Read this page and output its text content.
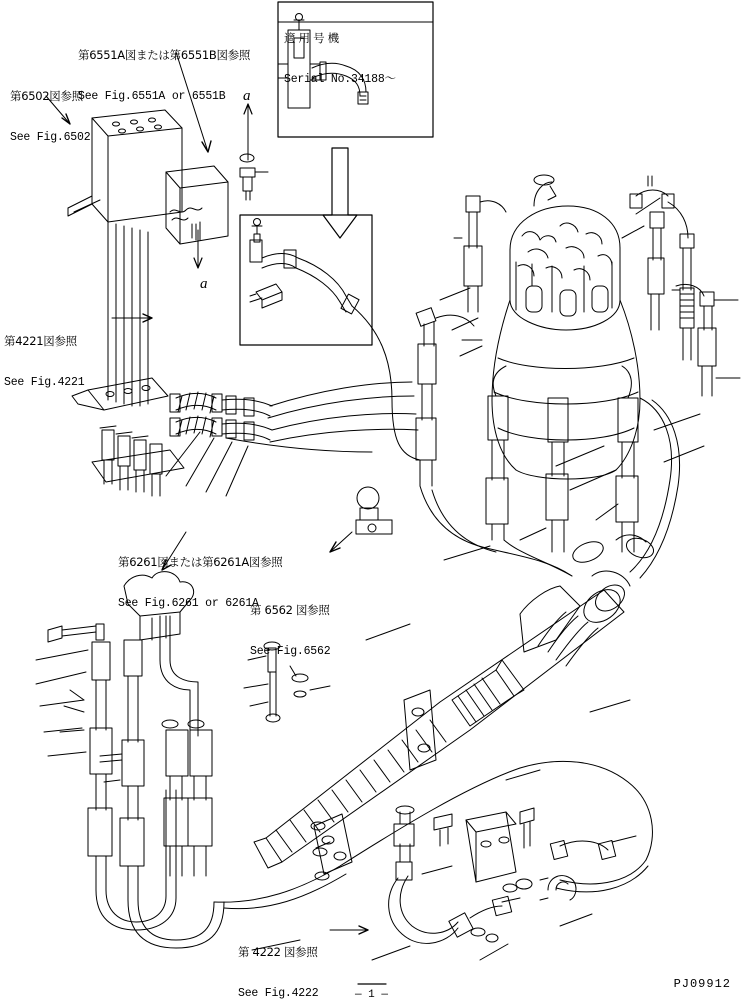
第6551A図または第6551B図参照

See Fig.6551A or 6551B

第6502図参照

See Fig.6502

第4221図参照

See Fig.4221

第6261図または第6261A図参照

See Fig.6261 or 6261A

第 6562 図参照

See Fig.6562

第 4222 図参照

See Fig.4222

適 用 号 機

Serial No.34188～

a
a
PJ09912
— 1 —
